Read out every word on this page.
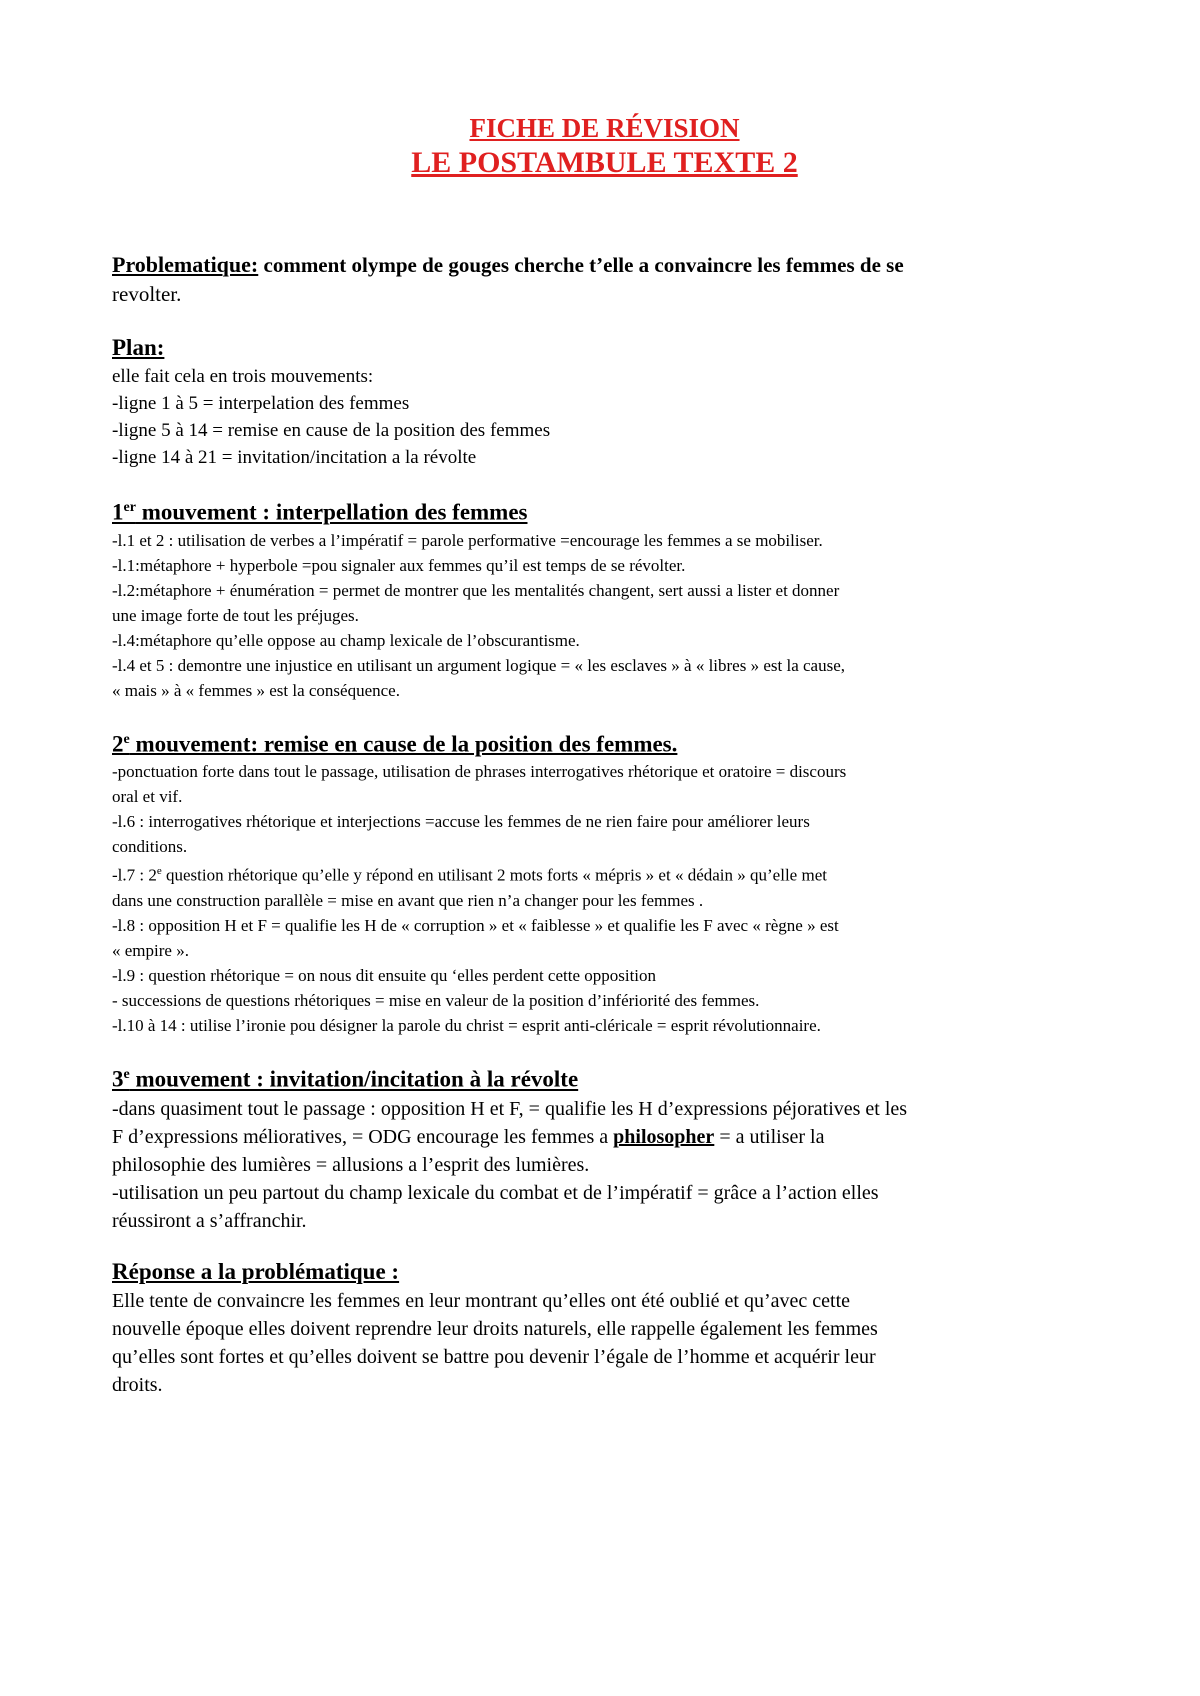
FICHE DE RÉVISION

LE POSTAMBULE TEXTE 2

Problematique: comment olympe de gouges cherche t’elle a convaincre les femmes de se
revolter.

Plan:

elle fait cela en trois mouvements:

-ligne 1 à 5 = interpelation des femmes

-ligne 5 à 14 = remise en cause de la position des femmes

-ligne 14 à 21 = invitation/incitation a la révolte

1er mouvement : interpellation des femmes

-l.1 et 2 : utilisation de verbes a l’impératif = parole performative =encourage les femmes a se mobiliser.

-l.1:métaphore + hyperbole =pou signaler aux femmes qu’il est temps de se révolter.

-l.2:métaphore + énumération = permet de montrer que les mentalités changent, sert aussi a lister et donner

une image forte de tout les préjuges.

-l.4:métaphore qu’elle oppose au champ lexicale de l’obscurantisme.

-l.4 et 5 : demontre une injustice en utilisant un argument logique = « les esclaves » à « libres » est la cause,

« mais » à « femmes » est la conséquence.

2e mouvement: remise en cause de la position des femmes.

-ponctuation forte dans tout le passage, utilisation de phrases interrogatives rhétorique et oratoire = discours

oral et vif.

-l.6 : interrogatives rhétorique et interjections =accuse les femmes de ne rien faire pour améliorer leurs

conditions.

-l.7 : 2e question rhétorique qu’elle y répond en utilisant 2 mots forts « mépris » et « dédain » qu’elle met

dans une construction parallèle = mise en avant que rien n’a changer pour les femmes .

-l.8 : opposition H et F = qualifie les H de « corruption » et « faiblesse » et qualifie les F avec « règne » est

« empire ».

-l.9 : question rhétorique = on nous dit ensuite qu ‘elles perdent cette opposition

- successions de questions rhétoriques = mise en valeur de la position d’infériorité des femmes.

-l.10 à 14 : utilise l’ironie pou désigner la parole du christ = esprit anti-cléricale = esprit révolutionnaire.

3e mouvement : invitation/incitation à la révolte

-dans quasiment tout le passage : opposition H et F, = qualifie les H d’expressions péjoratives et les

F d’expressions mélioratives, = ODG encourage les femmes a philosopher = a utiliser la

philosophie des lumières = allusions a l’esprit des lumières.

-utilisation un peu partout du champ lexicale du combat et de l’impératif = grâce a l’action elles

réussiront a s’affranchir.

Réponse a la problématique :

Elle tente de convaincre les femmes en leur montrant qu’elles ont été oublié et qu’avec cette

nouvelle époque elles doivent reprendre leur droits naturels, elle rappelle également les femmes

qu’elles sont fortes et qu’elles doivent se battre pou devenir l’égale de l’homme et acquérir leur

droits.
